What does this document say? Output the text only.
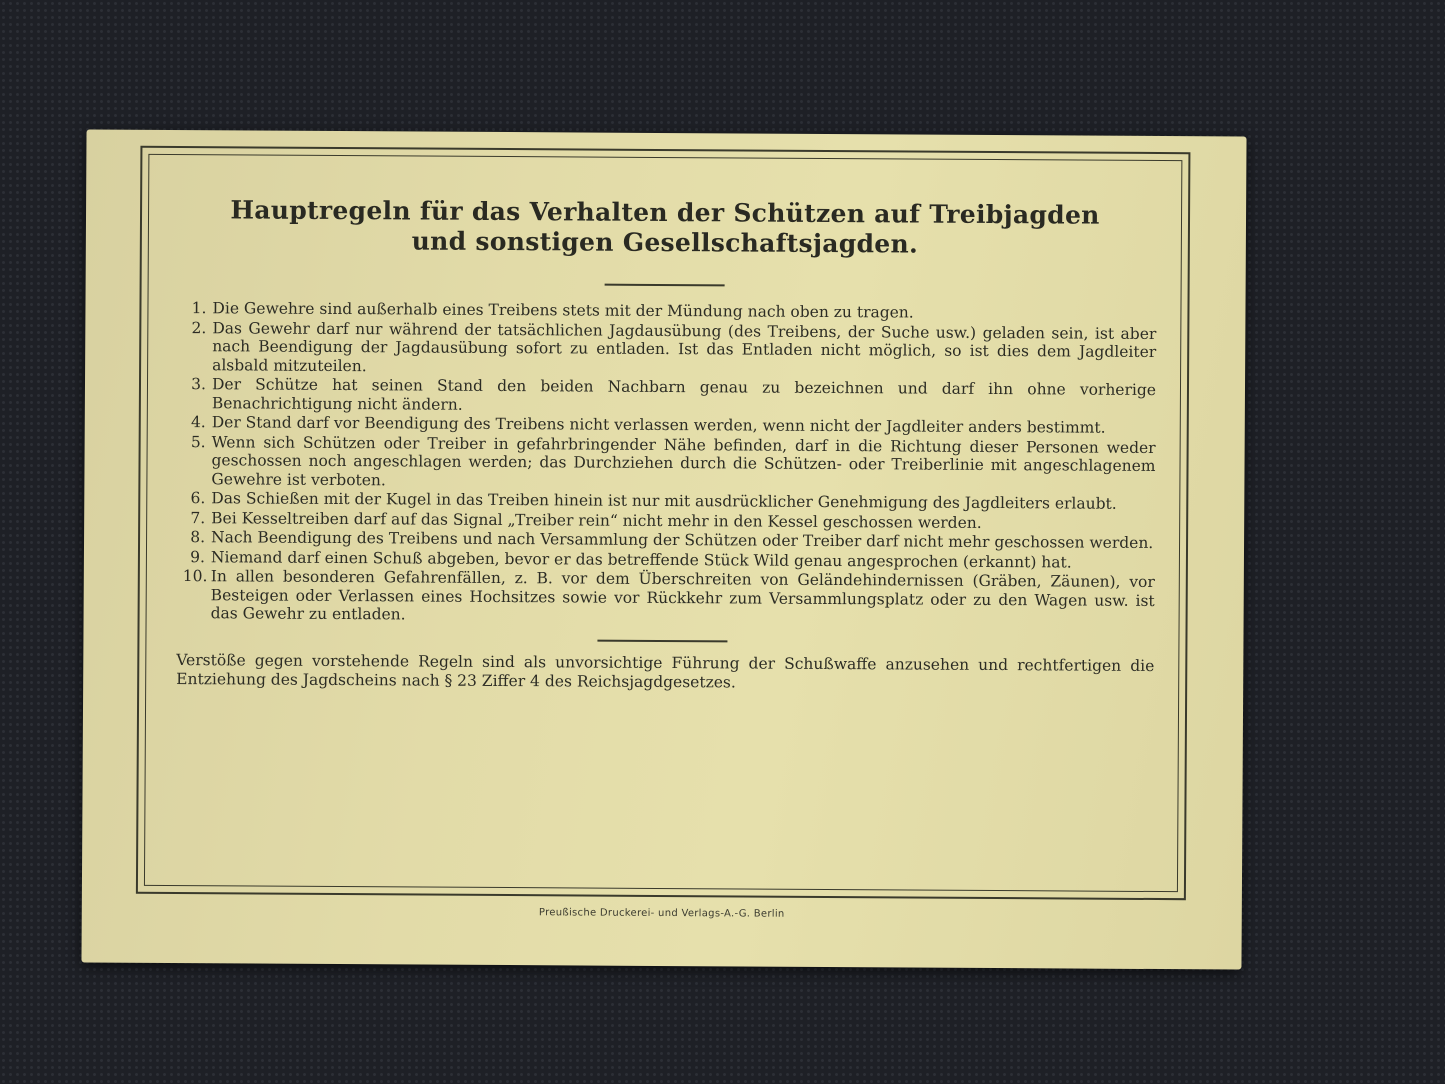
Hauptregeln für das Verhalten der Schützen auf Treibjagden
und sonstigen Gesellschaftsjagden.
1. Die Gewehre sind außerhalb eines Treibens stets mit der Mündung nach oben zu tragen.
2. Das Gewehr darf nur während der tatsächlichen Jagdausübung (des Treibens, der Suche usw.) geladen sein, ist aber nach Beendigung der Jagdausübung sofort zu entladen. Ist das Entladen nicht möglich, so ist dies dem Jagdleiter alsbald mitzuteilen.
3. Der Schütze hat seinen Stand den beiden Nachbarn genau zu bezeichnen und darf ihn ohne vorherige Benachrichtigung nicht ändern.
4. Der Stand darf vor Beendigung des Treibens nicht verlassen werden, wenn nicht der Jagdleiter anders bestimmt.
5. Wenn sich Schützen oder Treiber in gefahrbringender Nähe befinden, darf in die Richtung dieser Personen weder geschossen noch angeschlagen werden; das Durchziehen durch die Schützen- oder Treiberlinie mit angeschlagenem Gewehre ist verboten.
6. Das Schießen mit der Kugel in das Treiben hinein ist nur mit ausdrücklicher Genehmigung des Jagdleiters erlaubt.
7. Bei Kesseltreiben darf auf das Signal „Treiber rein“ nicht mehr in den Kessel geschossen werden.
8. Nach Beendigung des Treibens und nach Versammlung der Schützen oder Treiber darf nicht mehr geschossen werden.
9. Niemand darf einen Schuß abgeben, bevor er das betreffende Stück Wild genau angesprochen (erkannt) hat.
10. In allen besonderen Gefahrenfällen, z. B. vor dem Überschreiten von Geländehindernissen (Gräben, Zäunen), vor Besteigen oder Verlassen eines Hochsitzes sowie vor Rückkehr zum Versammlungsplatz oder zu den Wagen usw. ist das Gewehr zu entladen.
Verstöße gegen vorstehende Regeln sind als unvorsichtige Führung der Schußwaffe anzusehen und rechtfertigen die Entziehung des Jagdscheins nach § 23 Ziffer 4 des Reichsjagdgesetzes.
Preußische Druckerei- und Verlags-A.-G. Berlin
